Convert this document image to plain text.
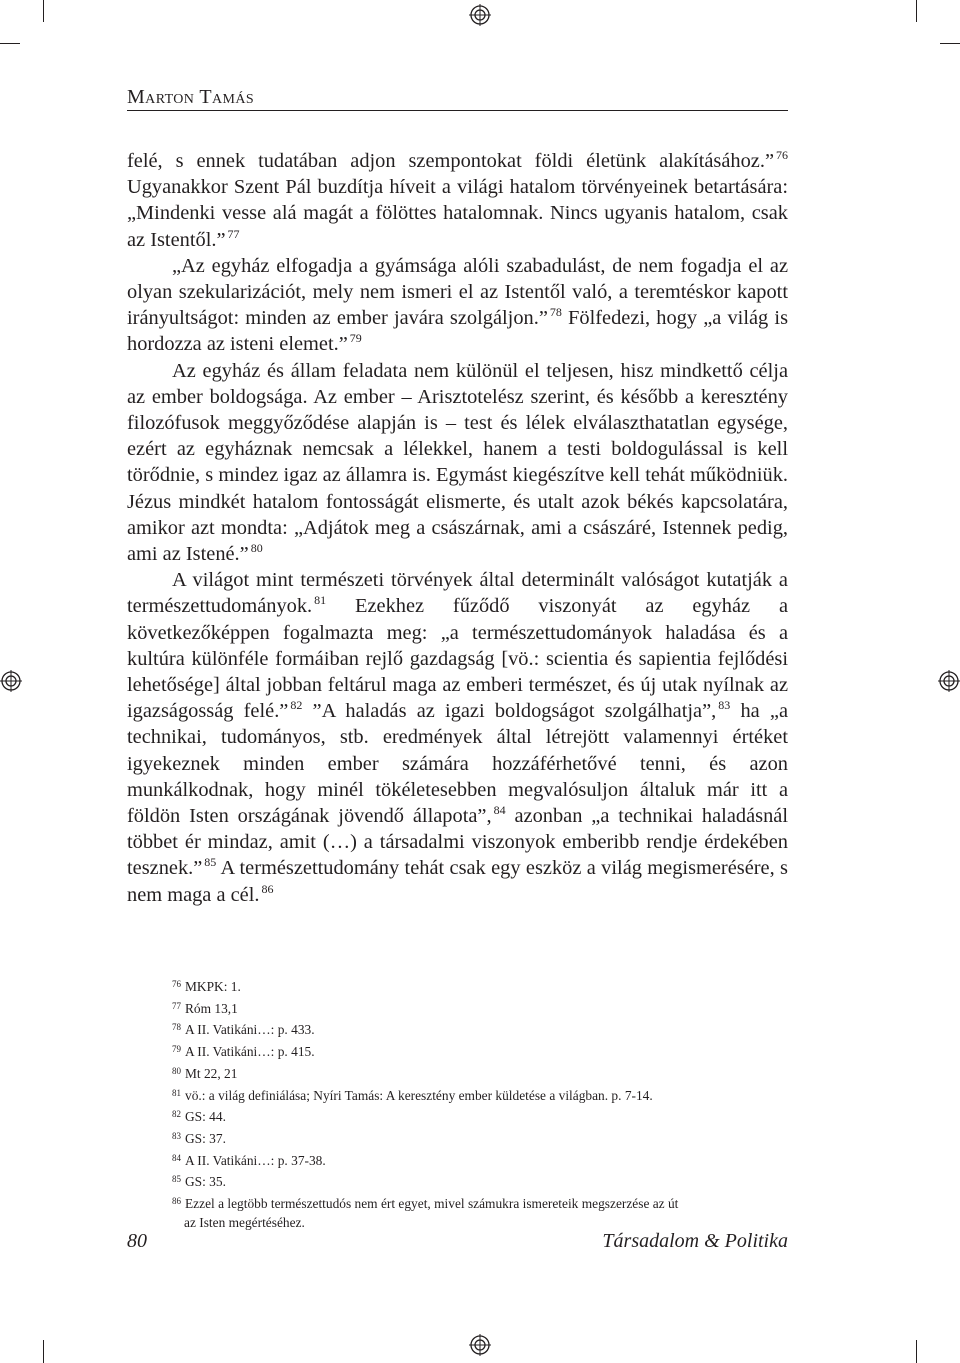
Marton Tamás

felé, s ennek tudatában adjon szempontokat földi életünk alakításához.” $^{76}$ Ugyanakkor Szent Pál buzdítja híveit a világi hatalom törvényeinek betartására: „Mindenki vesse alá magát a fölöttes hatalomnak. Nincs ugyanis hatalom, csak az Istentől.” $^{77}$

„Az egyház elfogadja a gyámsága alóli szabadulást, de nem fogadja el az olyan szekularizációt, mely nem ismeri el az Istentől való, a teremtéskor kapott irányultságot: minden az ember javára szolgáljon.” $^{78}$ Fölfedezi, hogy „a világ is hordozza az isteni elemet.” $^{79}$

Az egyház és állam feladata nem különül el teljesen, hisz mindkettő célja az ember boldogsága. Az ember – Arisztotelész szerint, és később a keresztény filozófusok meggyőződése alapján is – test és lélek elválaszthatatlan egysége, ezért az egyháznak nemcsak a lélekkel, hanem a testi boldogulással is kell törődnie, s mindez igaz az államra is. Egymást kiegészítve kell tehát működniük. Jézus mindkét hatalom fontosságát elismerte, és utalt azok békés kapcsolatára, amikor azt mondta: „Adjátok meg a császárnak, ami a császáré, Istennek pedig, ami az Istené.” $^{80}$

A világot mint természeti törvények által determinált valóságot kutatják a természettudományok. $^{81}$ Ezekhez fűződő viszonyát az egyház a következőképpen fogalmazta meg: „a természettudományok haladása és a kultúra különféle formáiban rejlő gazdagság [vö.: scientia és sapientia fejlődési lehetősége] által jobban feltárul maga az emberi természet, és új utak nyílnak az igazságosság felé.” $^{82}$ ”A haladás az igazi boldogságot szolgálhatja”, $^{83}$ ha „a technikai, tudományos, stb. eredmények által létrejött valamennyi értéket igyekeznek minden ember számára hozzáférhetővé tenni, és azon munkálkodnak, hogy minél tökéletesebben megvalósuljon általuk már itt a földön Isten országának jövendő állapota”, $^{84}$ azonban „a technikai haladásnál többet ér mindaz, amit (…) a társadalmi viszonyok emberibb rendje érdekében tesznek.” $^{85}$ A természettudomány tehát csak egy eszköz a világ megismerésére, s nem maga a cél. $^{86}$

$^{76}$ MKPK: 1.
$^{77}$ Róm 13,1
$^{78}$ A II. Vatikáni…: p. 433.
$^{79}$ A II. Vatikáni…: p. 415.
$^{80}$ Mt 22, 21
$^{81}$ vö.: a világ definiálása; Nyíri Tamás: A keresztény ember küldetése a világban. p. 7-14.
$^{82}$ GS: 44.
$^{83}$ GS: 37.
$^{84}$ A II. Vatikáni…: p. 37-38.
$^{85}$ GS: 35.
$^{86}$ Ezzel a legtöbb természettudós nem ért egyet, mivel számukra ismereteik megszerzése az út
az Isten megértéséhez.
80	Társadalom & Politika
